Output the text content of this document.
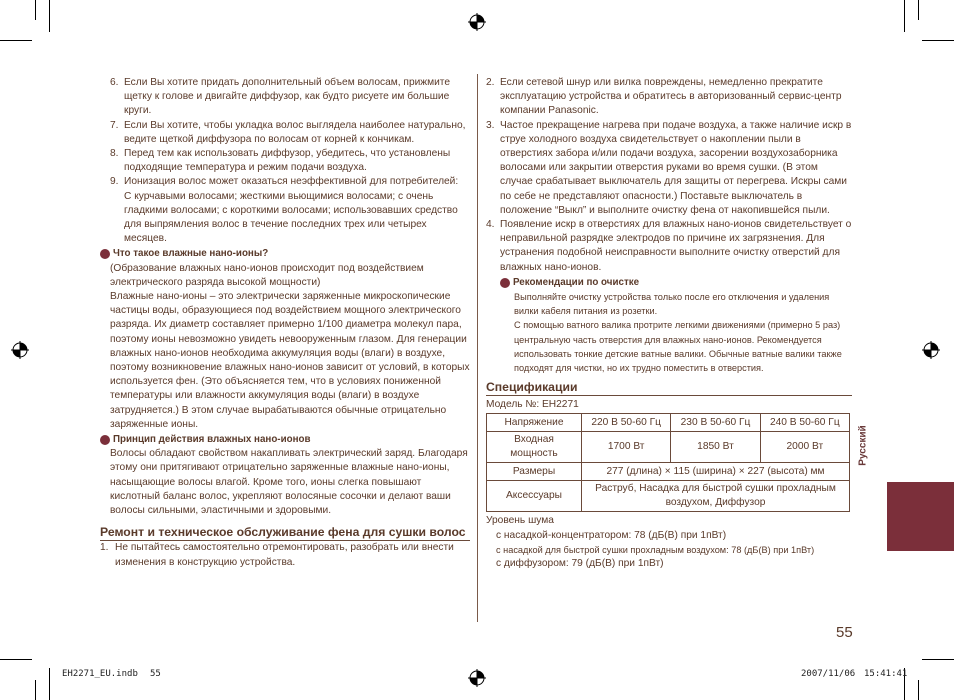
6. Если Вы хотите придать дополнительный объем волосам, прижмите щетку к голове и двигайте диффузор, как будто рисуете им большие круги.
7. Если Вы хотите, чтобы укладка волос выглядела наиболее натурально, ведите щеткой диффузора по волосам от корней к кончикам.
8. Перед тем как использовать диффузор, убедитесь, что установлены подходящие температура и режим подачи воздуха.
9. Ионизация волос может оказаться неэффективной для потребителей:
С курчавыми волосами; жесткими вьющимися волосами; с очень гладкими волосами; с короткими волосами; использовавших средство для выпрямления волос в течение последних трех или четырех месяцев.
Что такое влажные нано-ионы?
(Образование влажных нано-ионов происходит под воздействием электрического разряда высокой мощности)
Влажные нано-ионы – это электрически заряженные микроскопические частицы воды, образующиеся под воздействием мощного электрического разряда. Их диаметр составляет примерно 1/100 диаметра молекул пара, поэтому ионы невозможно увидеть невооруженным глазом. Для генерации влажных нано-ионов необходима аккумуляция воды (влаги) в воздухе, поэтому возникновение влажных нано-ионов зависит от условий, в которых используется фен. (Это объясняется тем, что в условиях пониженной температуры или влажности аккумуляция воды (влаги) в воздухе затрудняется.) В этом случае вырабатываются обычные отрицательно заряженные ионы.
Принцип действия влажных нано-ионов
Волосы обладают свойством накапливать электрический заряд. Благодаря этому они притягивают отрицательно заряженные влажные нано-ионы, насыщающие волосы влагой. Кроме того, ионы слегка повышают кислотный баланс волос, укрепляют волосяные сосочки и делают ваши волосы сильными, эластичными и здоровыми.
Ремонт и техническое обслуживание фена для сушки волос
1. Не пытайтесь самостоятельно отремонтировать, разобрать или внести изменения в конструкцию устройства.
2. Если сетевой шнур или вилка повреждены, немедленно прекратите эксплуатацию устройства и обратитесь в авторизованный сервис-центр компании Panasonic.
3. Частое прекращение нагрева при подаче воздуха, а также наличие искр в струе холодного воздуха свидетельствует о накоплении пыли в отверстиях забора и/или подачи воздуха, засорении воздухозаборника волосами или закрытии отверстия руками во время сушки. (В этом случае срабатывает выключатель для защиты от перегрева. Искры сами по себе не представляют опасности.) Поставьте выключатель в положение “Выкл” и выполните очистку фена от накопившейся пыли.
4. Появление искр в отверстиях для влажных нано-ионов свидетельствует о неправильной разрядке электродов по причине их загрязнения. Для устранения подобной неисправности выполните очистку отверстий для влажных нано-ионов.
Рекомендации по очистке
Выполняйте очистку устройства только после его отключения и удаления вилки кабеля питания из розетки.
С помощью ватного валика протрите легкими движениями (примерно 5 раз) центральную часть отверстия для влажных нано-ионов. Рекомендуется использовать тонкие детские ватные валики. Обычные ватные валики также подходят для чистки, но их трудно поместить в отверстия.
Спецификации
Модель №: EH2271
Напряжение	220 В 50-60 Гц	230 В 50-60 Гц	240 В 50-60 Гц
Входная мощность	1700 Вт	1850 Вт	2000 Вт
Размеры	277 (длина) × 115 (ширина) × 227 (высота) мм		
Аксессуары	Раструб, Насадка для быстрой сушки прохладным воздухом, Диффузор		
Уровень шума
с насадкой-концентратором: 78 (дБ(В) при 1пВт)
с насадкой для быстрой сушки прохладным воздухом: 78 (дБ(В) при 1пВт)
с диффузором: 79 (дБ(В) при 1пВт)
Русский
55
EH2271_EU.indb 55	2007/11/06 15:41:41
